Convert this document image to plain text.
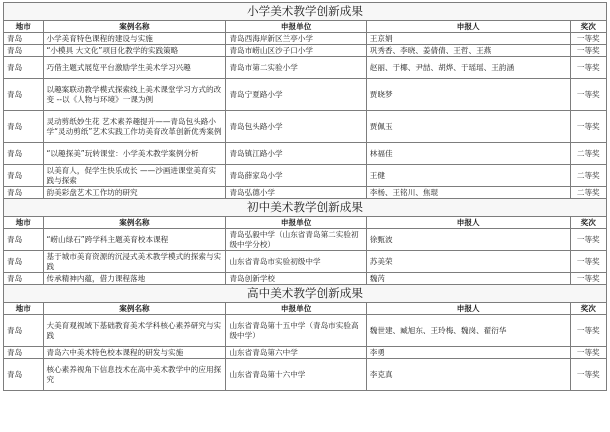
小学美术教学创新成果				
地市	案例名称	申报单位	申报人	奖次
青岛	小学美育特色课程的建设与实施	青岛西海岸新区兰亭小学	王京娟	一等奖
青岛	“小模具 大文化”项目化教学的实践策略	青岛市崂山区沙子口小学	巩秀香、李晓、姜倩倩、王哲、王燕	一等奖
青岛	巧借主题式展览平台激励学生美术学习兴趣	青岛市第二实验小学	赵丽、于椰、尹喆、胡烨、于瑶瑶、王韵涵	一等奖
青岛	以趣案联动教学模式探索线上美术课堂学习方式的改变 --以《人物与环境》一课为例	青岛宁夏路小学	贾晓梦	一等奖
青岛	灵动剪纸妙生花 艺术素养趣提升——青岛包头路小学“灵动剪纸”艺术实践工作坊美育改革创新优秀案例	青岛包头路小学	贾佩玉	一等奖
青岛	“以趣探美”玩转课堂：小学美术教学案例分析	青岛镇江路小学	林福佳	二等奖
青岛	以美育人，促学生快乐成长 ——沙画进课堂美育实践与探索	青岛薛家岛小学	王健	二等奖
青岛	韵美彩盘艺术工作坊的研究	青岛弘德小学	李杨、王铭川、焦琨	二等奖
初中美术教学创新成果				
地市	案例名称	申报单位	申报人	奖次
青岛	“崂山绿石”跨学科主题美育校本课程	青岛弘毅中学（山东省青岛第二实验初级中学分校）	徐甄波	一等奖
青岛	基于城市美育资源的沉浸式美术教学模式的探索与实践	山东省青岛市实验初级中学	苏美荣	一等奖
青岛	传承精神内蕴，借力课程落地	青岛创新学校	魏芮	一等奖
高中美术教学创新成果				
地市	案例名称	申报单位	申报人	奖次
青岛	大美育观视域下基础教育美术学科核心素养研究与实践	山东省青岛第十五中学（青岛市实验高级中学）	魏世建、臧旭东、王玲梅、魏岗、翟衍华	一等奖
青岛	青岛六中美术特色校本课程的研发与实施	山东省青岛第六中学	李勇	一等奖
青岛	核心素养视角下信息技术在高中美术教学中的应用探究	山东省青岛第十六中学	李克真	一等奖
